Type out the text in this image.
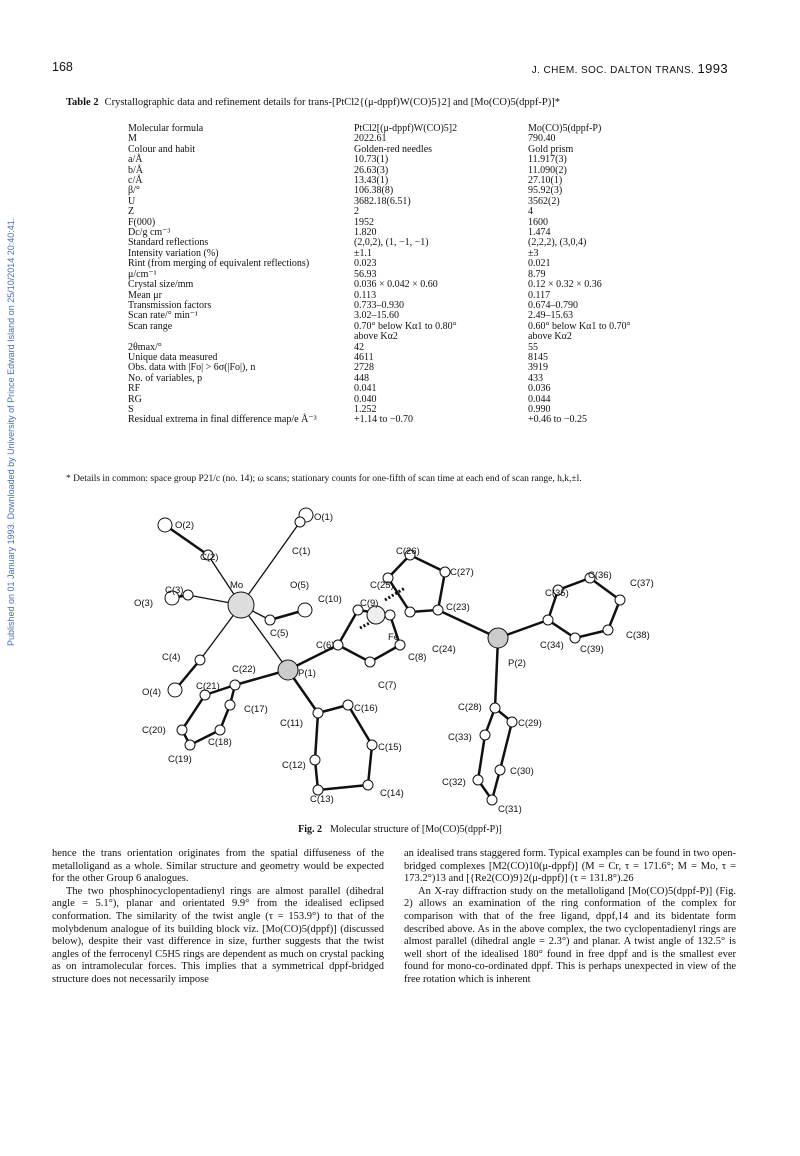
Published on 01 January 1993. Downloaded by University of Prince Edward Island on 25/10/2014 20:40:41.
168	J. CHEM. SOC. DALTON TRANS. 1993
Table 2 Crystallographic data and refinement details for trans-[PtCl2{(μ-dppf)W(CO)5}2] and [Mo(CO)5(dppf-P)]*
Molecular formula	PtCl2[(μ-dppf)W(CO)5]2	Mo(CO)5(dppf-P)
M	2022.61	790.40
Colour and habit	Golden-red needles	Gold prism
a/Å	10.73(1)	11.917(3)
b/Å	26.63(3)	11.090(2)
c/Å	13.43(1)	27.10(1)
β/°	106.38(8)	95.92(3)
U	3682.18(6.51)	3562(2)
Z	2	4
F(000)	1952	1600
Dc/g cm⁻³	1.820	1.474
Standard reflections	(2,0,2), (1, −1, −1)	(2,2,2), (3,0,4)
Intensity variation (%)	±1.1	±3
Rint (from merging of equivalent reflections)	0.023	0.021
μ/cm⁻¹	56.93	8.79
Crystal size/mm	0.036 × 0.042 × 0.60	0.12 × 0.32 × 0.36
Mean μr	0.113	0.117
Transmission factors	0.733–0.930	0.674–0.790
Scan rate/° min⁻¹	3.02–15.60	2.49–15.63
Scan range	0.70° below Kα1 to 0.80°	0.60° below Kα1 to 0.70°
	above Kα2	above Kα2
2θmax/°	42	55
Unique data measured	4611	8145
Obs. data with |Fo| > 6σ(|Fo|), n	2728	3919
No. of variables, p	448	433
RF	0.041	0.036
RG	0.040	0.044
S	1.252	0.990
Residual extrema in final difference map/e Å⁻³	+1.14 to −0.70	+0.46 to −0.25
* Details in common: space group P21/c (no. 14); ω scans; stationary counts for one-fifth of scan time at each end of scan range, h,k,±l.
O(2)
O(1)
C(2)
C(1)	C(26)
C(27)	C(36)
C(37)
C(3)	Mo	O(5)	C(25)
C(35)
O(3)	C(10) C(9)	C(23)
C(5)	Fe	C(38)
C(6)	C(34)
C(4)	C(8)
C(24)	C(39)
P(2)
C(22)	P(1)
O(4)
C(21)	C(7)
C(17)	C(28)
C(16)
C(11)	C(29)
C(20)
C(18)	C(33)
C(15)
C(19)
C(12)
C(30)
C(32)
C(14)
C(13)
C(31)
Fig. 2 Molecular structure of [Mo(CO)5(dppf-P)]

hence the trans orientation originates from the spatial diffuseness of the metalloligand as a whole. Similar structure and geometry would be expected for the other Group 6 analogues.

The two phosphinocyclopentadienyl rings are almost parallel (dihedral angle = 5.1°), planar and orientated 9.9° from the idealised eclipsed conformation. The similarity of the twist angle (τ = 153.9°) to that of the molybdenum analogue of its building block viz. [Mo(CO)5(dppf)] (discussed below), despite their vast difference in size, further suggests that the twist angles of the ferrocenyl C5H5 rings are dependent as much on crystal packing as on intramolecular forces. This implies that a symmetrical dppf-bridged structure does not necessarily impose

an idealised trans staggered form. Typical examples can be found in two open-bridged complexes [M2(CO)10(μ-dppf)] (M = Cr, τ = 171.6°; M = Mo, τ = 173.2°)13 and [{Re2(CO)9}2(μ-dppf)] (τ = 131.8°).26

An X-ray diffraction study on the metalloligand [Mo(CO)5(dppf-P)] (Fig. 2) allows an examination of the ring conformation of the complex for comparison with that of the free ligand, dppf,14 and its bidentate form described above. As in the above complex, the two cyclopentadienyl rings are almost parallel (dihedral angle = 2.3°) and planar. A twist angle of 132.5° is well short of the idealised 180° found in free dppf and is the smallest ever found for mono-co-ordinated dppf. This is perhaps unexpected in view of the free rotation which is inherent
